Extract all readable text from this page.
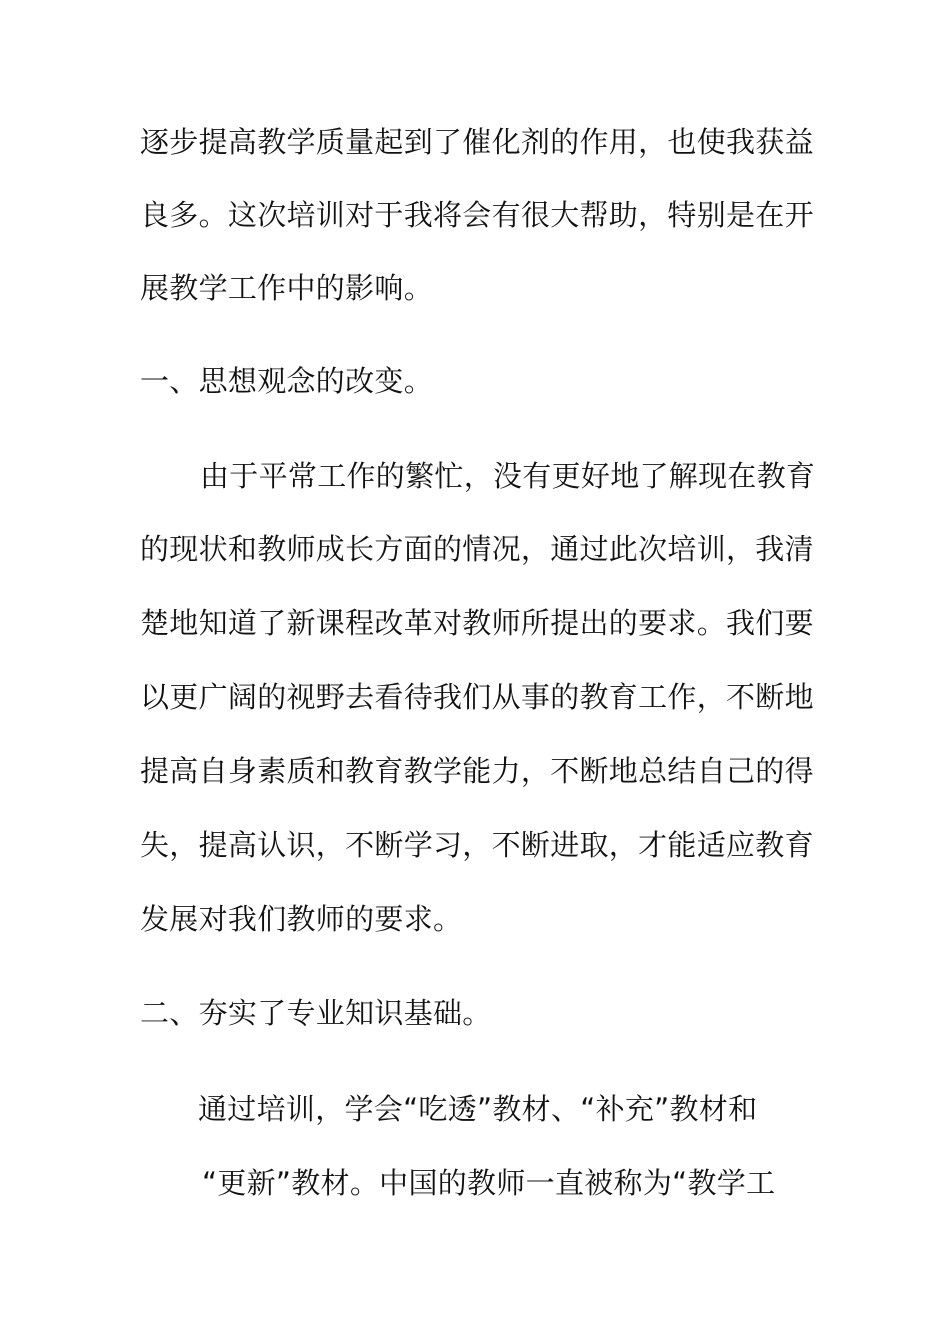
逐步提高教学质量起到了催化剂的作用，也使我获益
良多。这次培训对于我将会有很大帮助，特别是在开
展教学工作中的影响。
一、思想观念的改变。
由于平常工作的繁忙，没有更好地了解现在教育
的现状和教师成长方面的情况，通过此次培训，我清
楚地知道了新课程改革对教师所提出的要求。我们要
以更广阔的视野去看待我们从事的教育工作，不断地
提高自身素质和教育教学能力，不断地总结自己的得
失，提高认识，不断学习，不断进取，才能适应教育
发展对我们教师的要求。
二、夯实了专业知识基础。
通过培训，学会“吃透”教材、“补充”教材和
“更新”教材。中国的教师一直被称为“教学工
